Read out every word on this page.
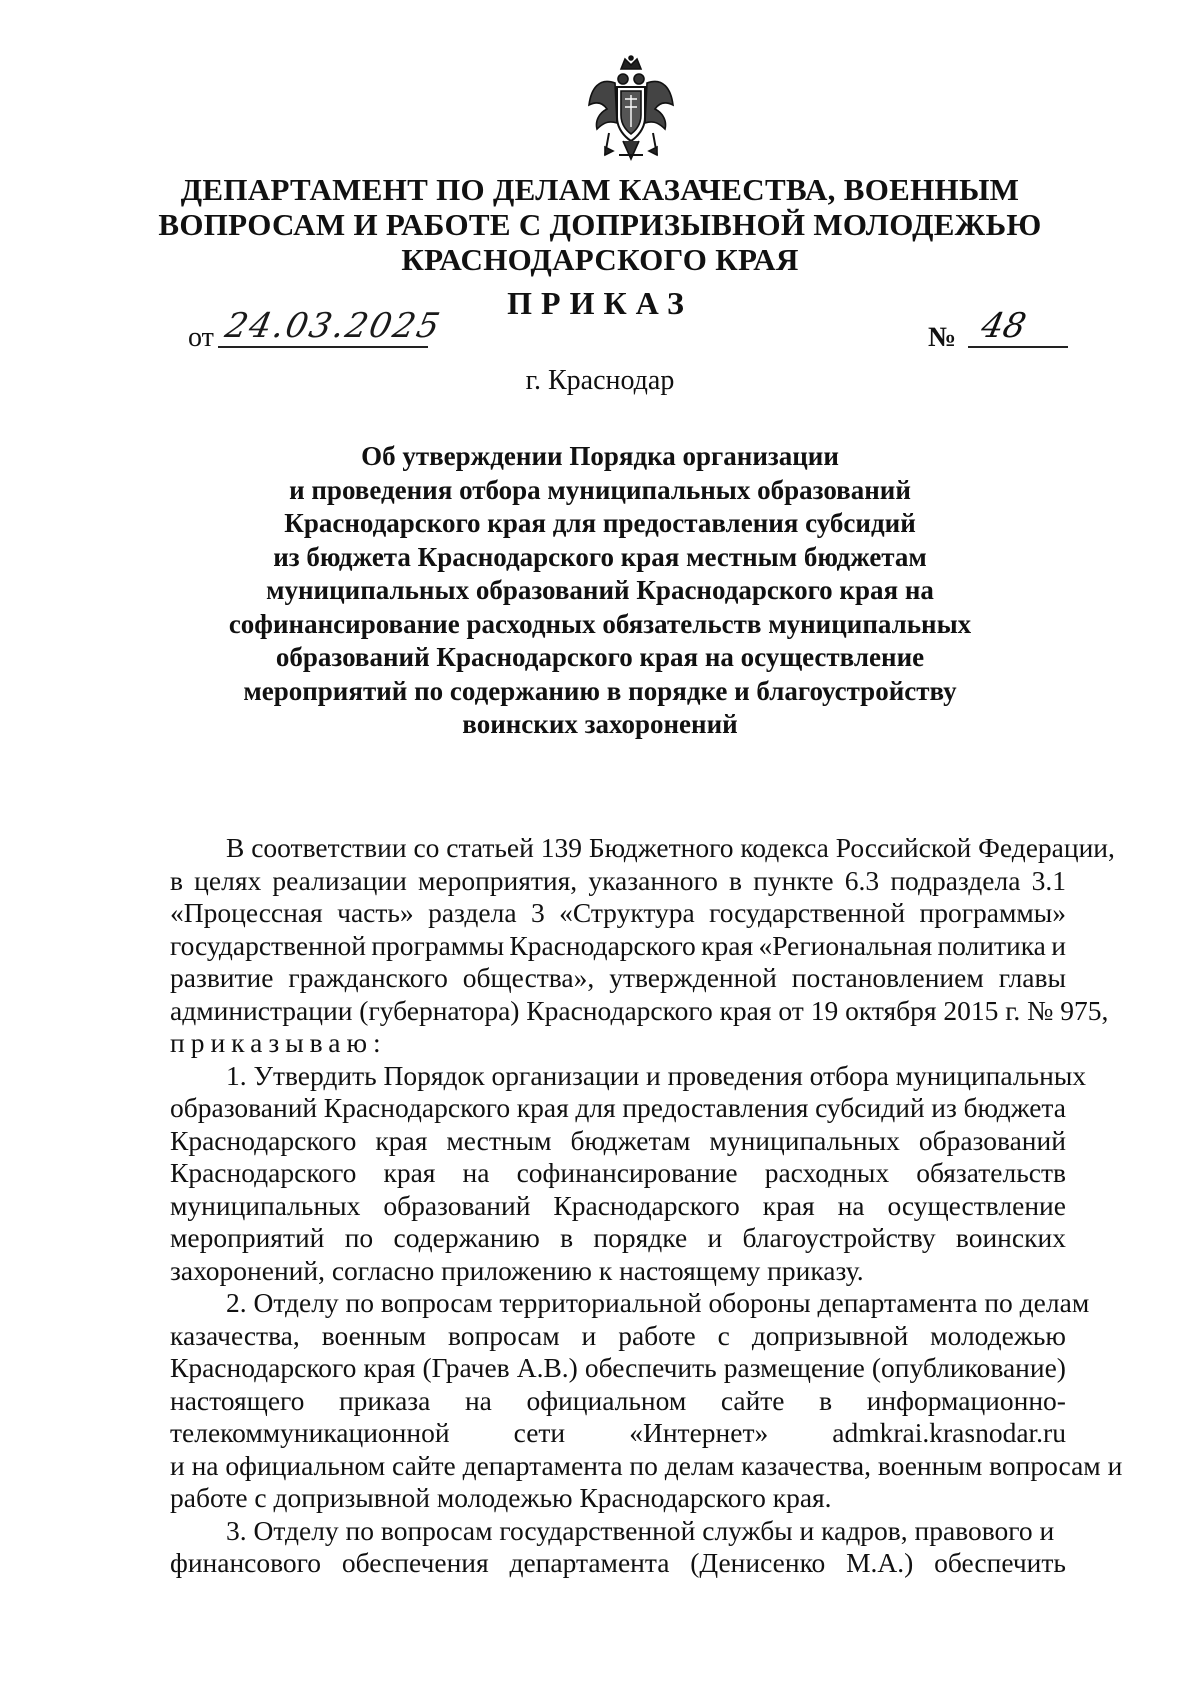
ДЕПАРТАМЕНТ ПО ДЕЛАМ КАЗАЧЕСТВА, ВОЕННЫМ
ВОПРОСАМ И РАБОТЕ С ДОПРИЗЫВНОЙ МОЛОДЕЖЬЮ
КРАСНОДАРСКОГО КРАЯ
ПРИКАЗ
от 24.03.2025	№ 48
г. Краснодар
Об утверждении Порядка организации
и проведения отбора муниципальных образований
Краснодарского края для предоставления субсидий
из бюджета Краснодарского края местным бюджетам
муниципальных образований Краснодарского края на
софинансирование расходных обязательств муниципальных
образований Краснодарского края на осуществление
мероприятий по содержанию в порядке и благоустройству
воинских захоронений
В соответствии со статьей 139 Бюджетного кодекса Российской Федерации,
в целях реализации мероприятия, указанного в пункте 6.3 подраздела 3.1
«Процессная часть» раздела 3 «Структура государственной программы»
государственной программы Краснодарского края «Региональная политика и
развитие гражданского общества», утвержденной постановлением главы
администрации (губернатора) Краснодарского края от 19 октября 2015 г. № 975,
приказываю:
1. Утвердить Порядок организации и проведения отбора муниципальных
образований Краснодарского края для предоставления субсидий из бюджета
Краснодарского края местным бюджетам муниципальных образований
Краснодарского края на софинансирование расходных обязательств
муниципальных образований Краснодарского края на осуществление
мероприятий по содержанию в порядке и благоустройству воинских
захоронений, согласно приложению к настоящему приказу.
2. Отделу по вопросам территориальной обороны департамента по делам
казачества, военным вопросам и работе с допризывной молодежью
Краснодарского края (Грачев А.В.) обеспечить размещение (опубликование)
настоящего приказа на официальном сайте в информационно-
телекоммуникационной сети «Интернет» admkrai.krasnodar.ru
и на официальном сайте департамента по делам казачества, военным вопросам и
работе с допризывной молодежью Краснодарского края.
3. Отделу по вопросам государственной службы и кадров, правового и
финансового обеспечения департамента (Денисенко М.А.) обеспечить
